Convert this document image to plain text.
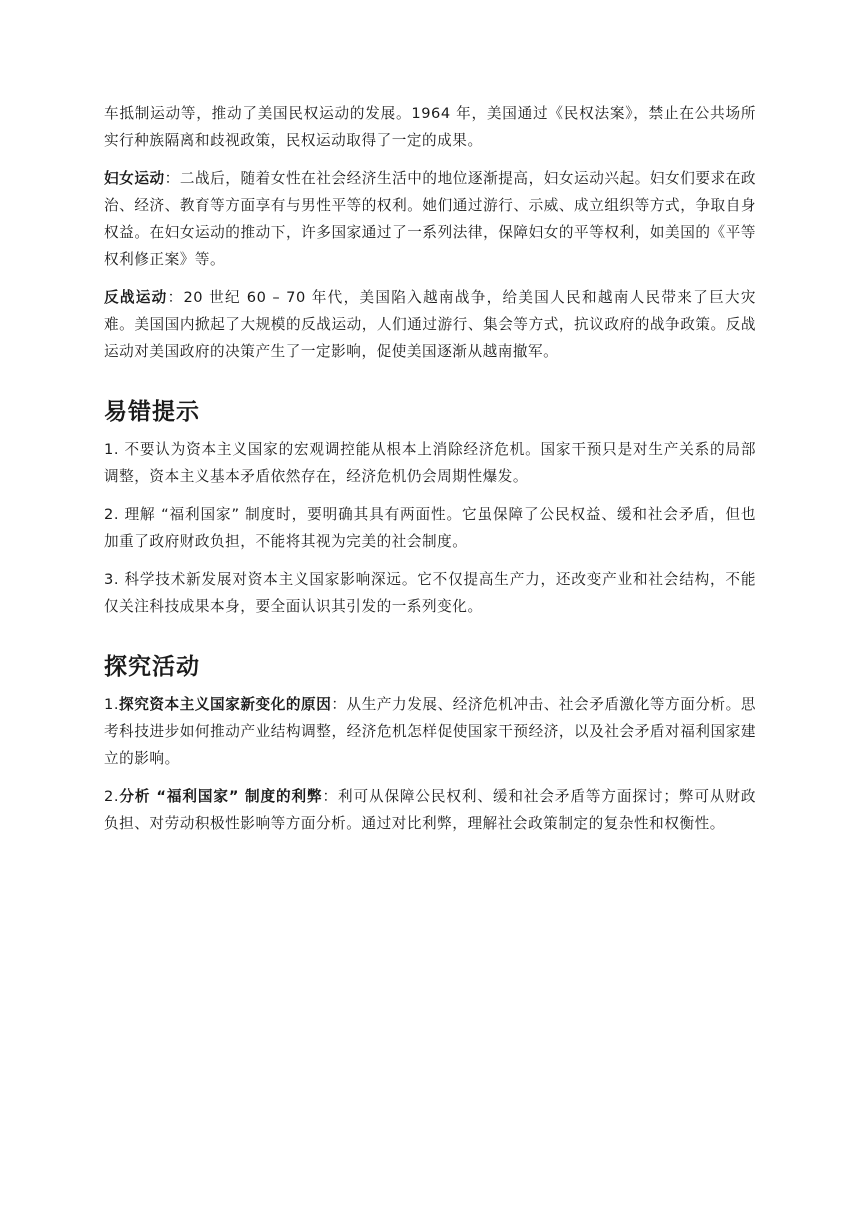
车抵制运动等，推动了美国民权运动的发展。1964 年，美国通过《民权法案》，禁止在公共场所实行种族隔离和歧视政策，民权运动取得了一定的成果。

妇女运动：二战后，随着女性在社会经济生活中的地位逐渐提高，妇女运动兴起。妇女们要求在政治、经济、教育等方面享有与男性平等的权利。她们通过游行、示威、成立组织等方式，争取自身权益。在妇女运动的推动下，许多国家通过了一系列法律，保障妇女的平等权利，如美国的《平等权利修正案》等。

反战运动：20 世纪 60 – 70 年代，美国陷入越南战争，给美国人民和越南人民带来了巨大灾难。美国国内掀起了大规模的反战运动，人们通过游行、集会等方式，抗议政府的战争政策。反战运动对美国政府的决策产生了一定影响，促使美国逐渐从越南撤军。

易错提示

1. 不要认为资本主义国家的宏观调控能从根本上消除经济危机。国家干预只是对生产关系的局部调整，资本主义基本矛盾依然存在，经济危机仍会周期性爆发。

2. 理解 “福利国家” 制度时，要明确其具有两面性。它虽保障了公民权益、缓和社会矛盾，但也加重了政府财政负担，不能将其视为完美的社会制度。

3. 科学技术新发展对资本主义国家影响深远。它不仅提高生产力，还改变产业和社会结构，不能仅关注科技成果本身，要全面认识其引发的一系列变化。

探究活动

1.探究资本主义国家新变化的原因：从生产力发展、经济危机冲击、社会矛盾激化等方面分析。思考科技进步如何推动产业结构调整，经济危机怎样促使国家干预经济，以及社会矛盾对福利国家建立的影响。

2.分析 “福利国家” 制度的利弊：利可从保障公民权利、缓和社会矛盾等方面探讨；弊可从财政负担、对劳动积极性影响等方面分析。通过对比利弊，理解社会政策制定的复杂性和权衡性。
